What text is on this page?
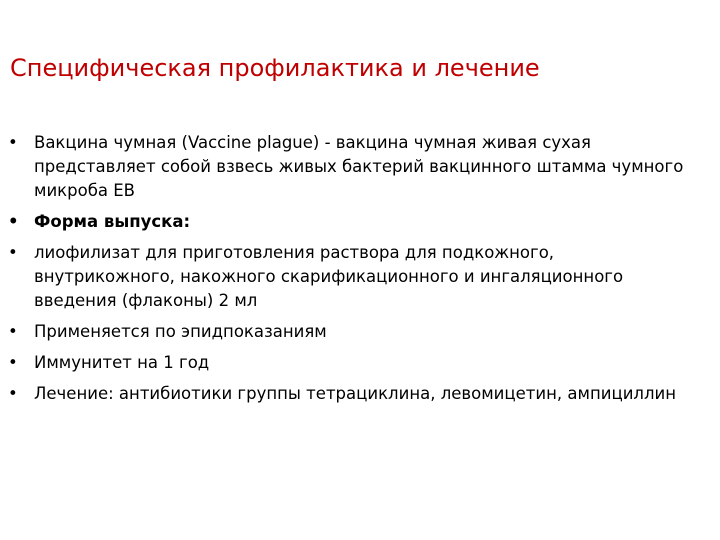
Специфическая профилактика и лечение
• Вакцина чумная (Vaccine plague) - вакцина чумная живая сухая представляет собой взвесь живых бактерий вакцинного штамма чумного микроба EВ
• Форма выпуска:
• лиофилизат для приготовления раствора для подкожного, внутрикожного, накожного скарификационного и ингаляционного введения (флаконы) 2 мл
• Применяется по эпидпоказаниям
• Иммунитет на 1 год
• Лечение: антибиотики группы тетрациклина, левомицетин, ампициллин
